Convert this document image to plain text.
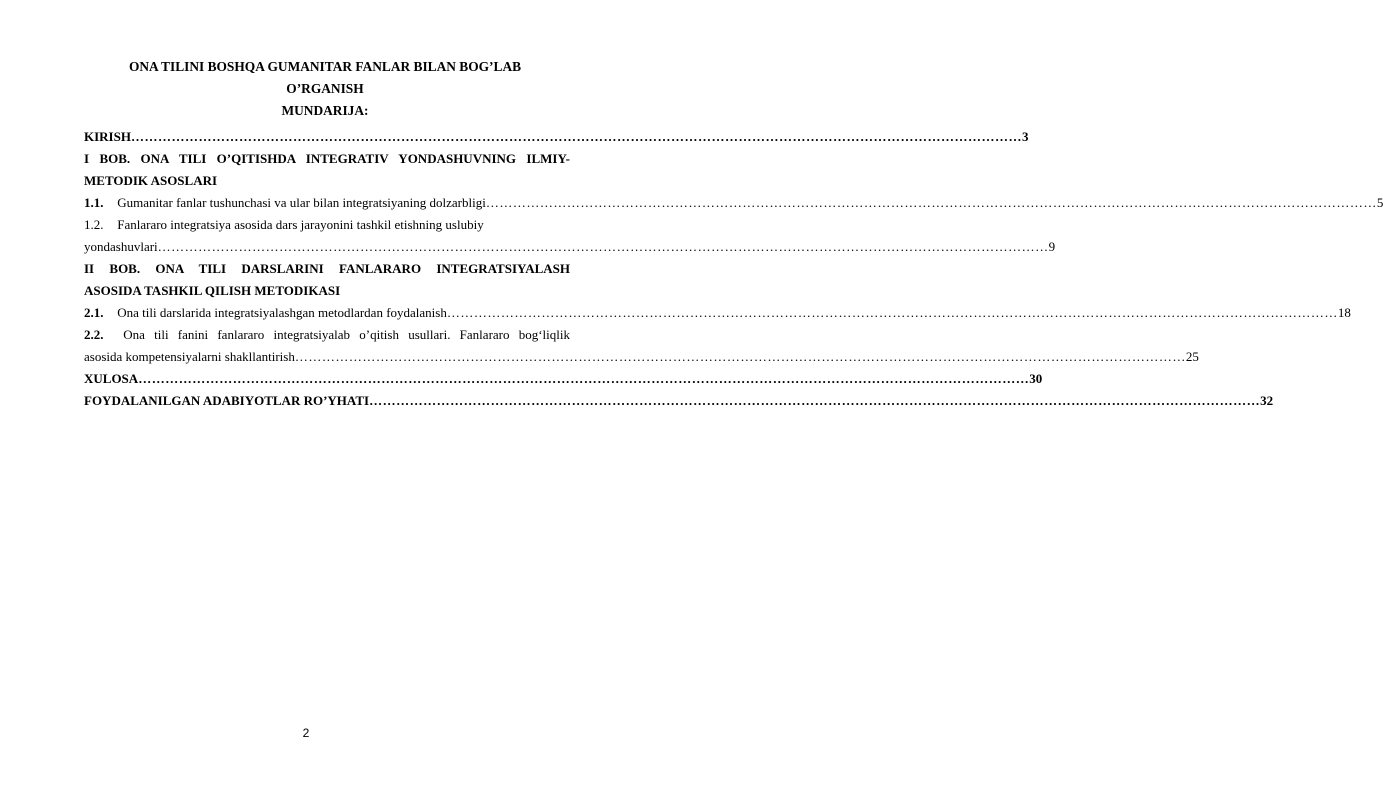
ONA TILINI BOSHQA GUMANITAR FANLAR BILAN BOG’LAB
O’RGANISH
MUNDARIJA:
KIRISH ………………………………………………………………………………………………………………………………………………………………………………	3
I BOB. ONA TILI O’QITISHDA INTEGRATIV YONDASHUVNING ILMIY-
METODIK ASOSLARI
1.1. Gumanitar fanlar tushunchasi va ular bilan integratsiyaning dolzarbligi ………………………………………………………………………………………………………………………………………………………………………………	5
1.2. Fanlararo integratsiya asosida dars jarayonini tashkil etishning uslubiy
yondashuvlari ………………………………………………………………………………………………………………………………………………………………………………	9
II BOB. ONA TILI DARSLARINI FANLARARO INTEGRATSIYALASH
ASOSIDA TASHKIL QILISH METODIKASI
2.1. Ona tili darslarida integratsiyalashgan metodlardan foydalanish ………………………………………………………………………………………………………………………………………………………………………………	18
2.2. Ona tili fanini fanlararo integratsiyalab o’qitish usullari. Fanlararo bog‘liqlik
asosida kompetensiyalarni shakllantirish ………………………………………………………………………………………………………………………………………………………………………………	25
XULOSA ………………………………………………………………………………………………………………………………………………………………………………	30
FOYDALANILGAN ADABIYOTLAR RO’YHATI ………………………………………………………………………………………………………………………………………………………………………………	32
2
